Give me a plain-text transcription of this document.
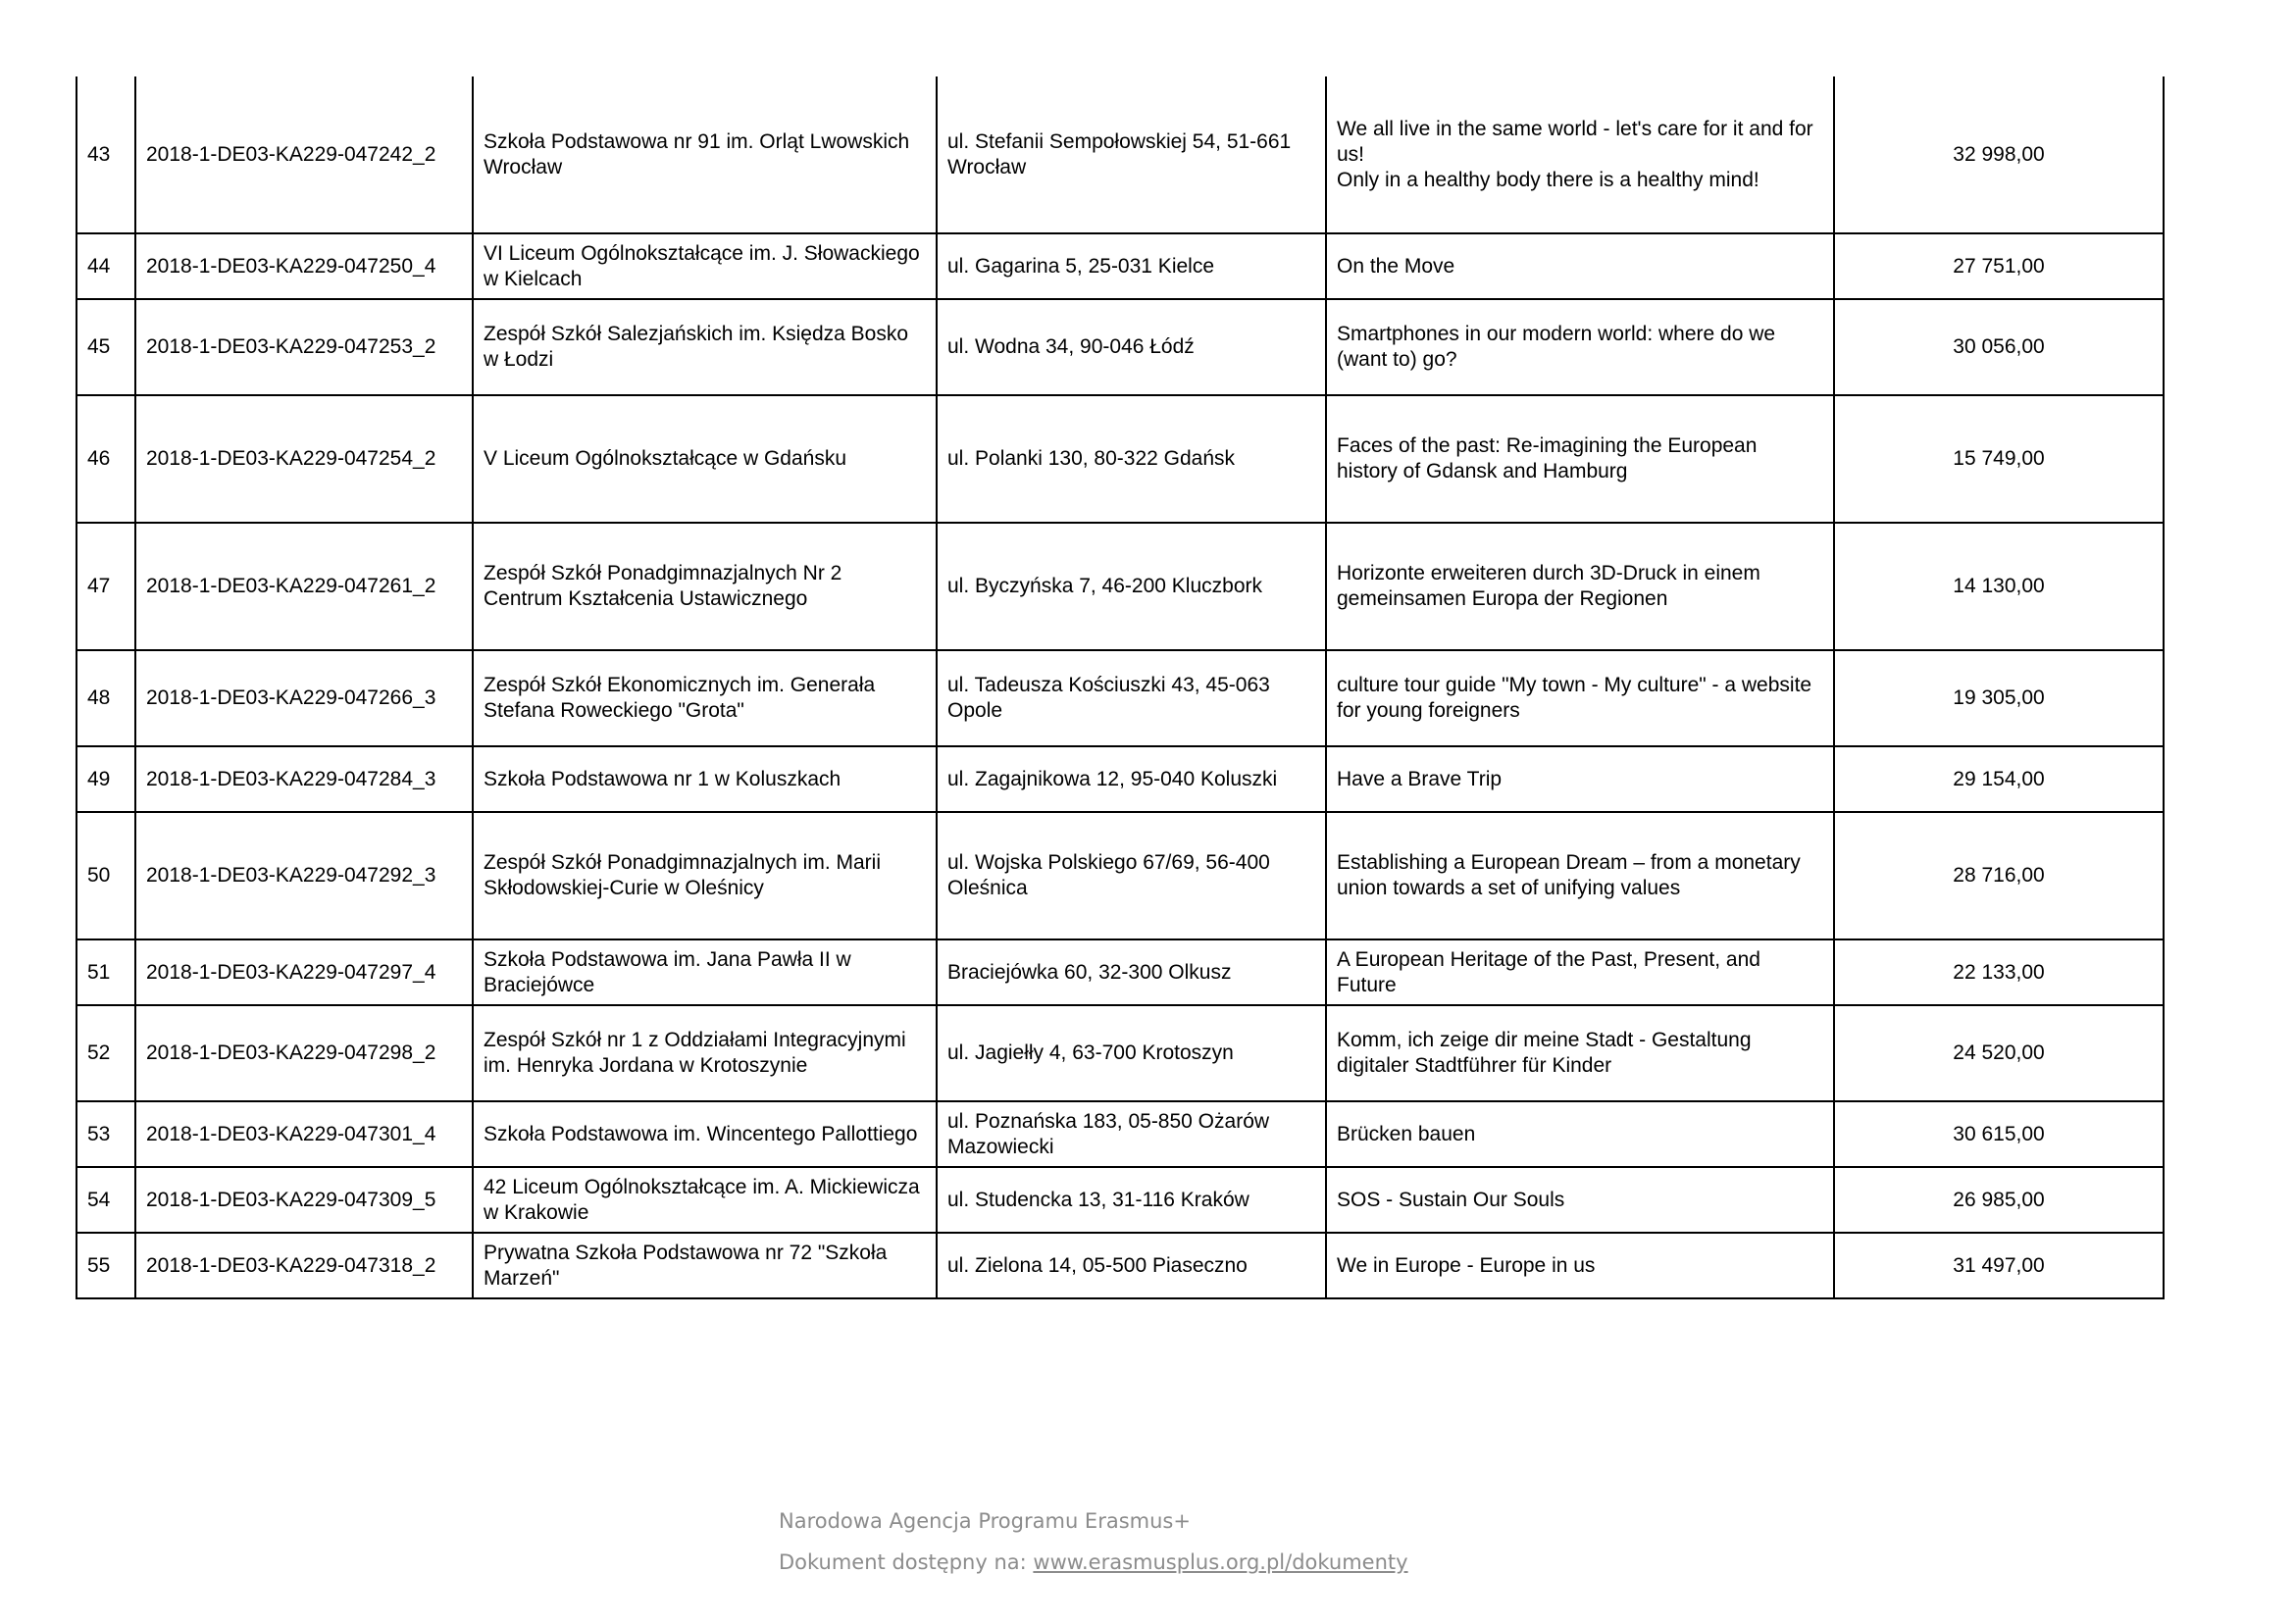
43	2018-1-DE03-KA229-047242_2	Szkoła Podstawowa nr 91 im. Orląt Lwowskich Wrocław	ul. Stefanii Sempołowskiej 54, 51-661 Wrocław	We all live in the same world - let's care for it and for us!
Only in a healthy body there is a healthy mind!	32 998,00
44	2018-1-DE03-KA229-047250_4	VI Liceum Ogólnokształcące im. J. Słowackiego w Kielcach	ul. Gagarina 5, 25-031 Kielce	On the Move	27 751,00
45	2018-1-DE03-KA229-047253_2	Zespół Szkół Salezjańskich im. Księdza Bosko w Łodzi	ul. Wodna 34, 90-046 Łódź	Smartphones in our modern world: where do we (want to) go?	30 056,00
46	2018-1-DE03-KA229-047254_2	V Liceum Ogólnokształcące w Gdańsku	ul. Polanki 130, 80-322 Gdańsk	Faces of the past: Re-imagining the European history of Gdansk and Hamburg	15 749,00
47	2018-1-DE03-KA229-047261_2	Zespół Szkół Ponadgimnazjalnych Nr 2 Centrum Kształcenia Ustawicznego	ul. Byczyńska 7, 46-200 Kluczbork	Horizonte erweiteren durch 3D-Druck in einem gemeinsamen Europa der Regionen	14 130,00
48	2018-1-DE03-KA229-047266_3	Zespół Szkół Ekonomicznych im. Generała Stefana Roweckiego "Grota"	ul. Tadeusza Kościuszki 43, 45-063 Opole	culture tour guide "My town - My culture" - a website for young foreigners	19 305,00
49	2018-1-DE03-KA229-047284_3	Szkoła Podstawowa nr 1 w Koluszkach	ul. Zagajnikowa 12, 95-040 Koluszki	Have a Brave Trip	29 154,00
50	2018-1-DE03-KA229-047292_3	Zespół Szkół Ponadgimnazjalnych im. Marii Skłodowskiej-Curie w Oleśnicy	ul. Wojska Polskiego 67/69, 56-400 Oleśnica	Establishing a European Dream – from a monetary union towards a set of unifying values	28 716,00
51	2018-1-DE03-KA229-047297_4	Szkoła Podstawowa im. Jana Pawła II w Braciejówce	Braciejówka 60, 32-300 Olkusz	A European Heritage of the Past, Present, and Future	22 133,00
52	2018-1-DE03-KA229-047298_2	Zespół Szkół nr 1 z Oddziałami Integracyjnymi im. Henryka Jordana w Krotoszynie	ul. Jagiełły 4, 63-700 Krotoszyn	Komm, ich zeige dir meine Stadt - Gestaltung digitaler Stadtführer für Kinder	24 520,00
53	2018-1-DE03-KA229-047301_4	Szkoła Podstawowa im. Wincentego Pallottiego	ul. Poznańska 183, 05-850 Ożarów Mazowiecki	Brücken bauen	30 615,00
54	2018-1-DE03-KA229-047309_5	42 Liceum Ogólnokształcące im. A. Mickiewicza w Krakowie	ul. Studencka 13, 31-116 Kraków	SOS - Sustain Our Souls	26 985,00
55	2018-1-DE03-KA229-047318_2	Prywatna Szkoła Podstawowa nr 72 "Szkoła Marzeń"	ul. Zielona 14, 05-500 Piaseczno	We in Europe - Europe in us	31 497,00
Narodowa Agencja Programu Erasmus+
Dokument dostępny na: www.erasmusplus.org.pl/dokumenty
